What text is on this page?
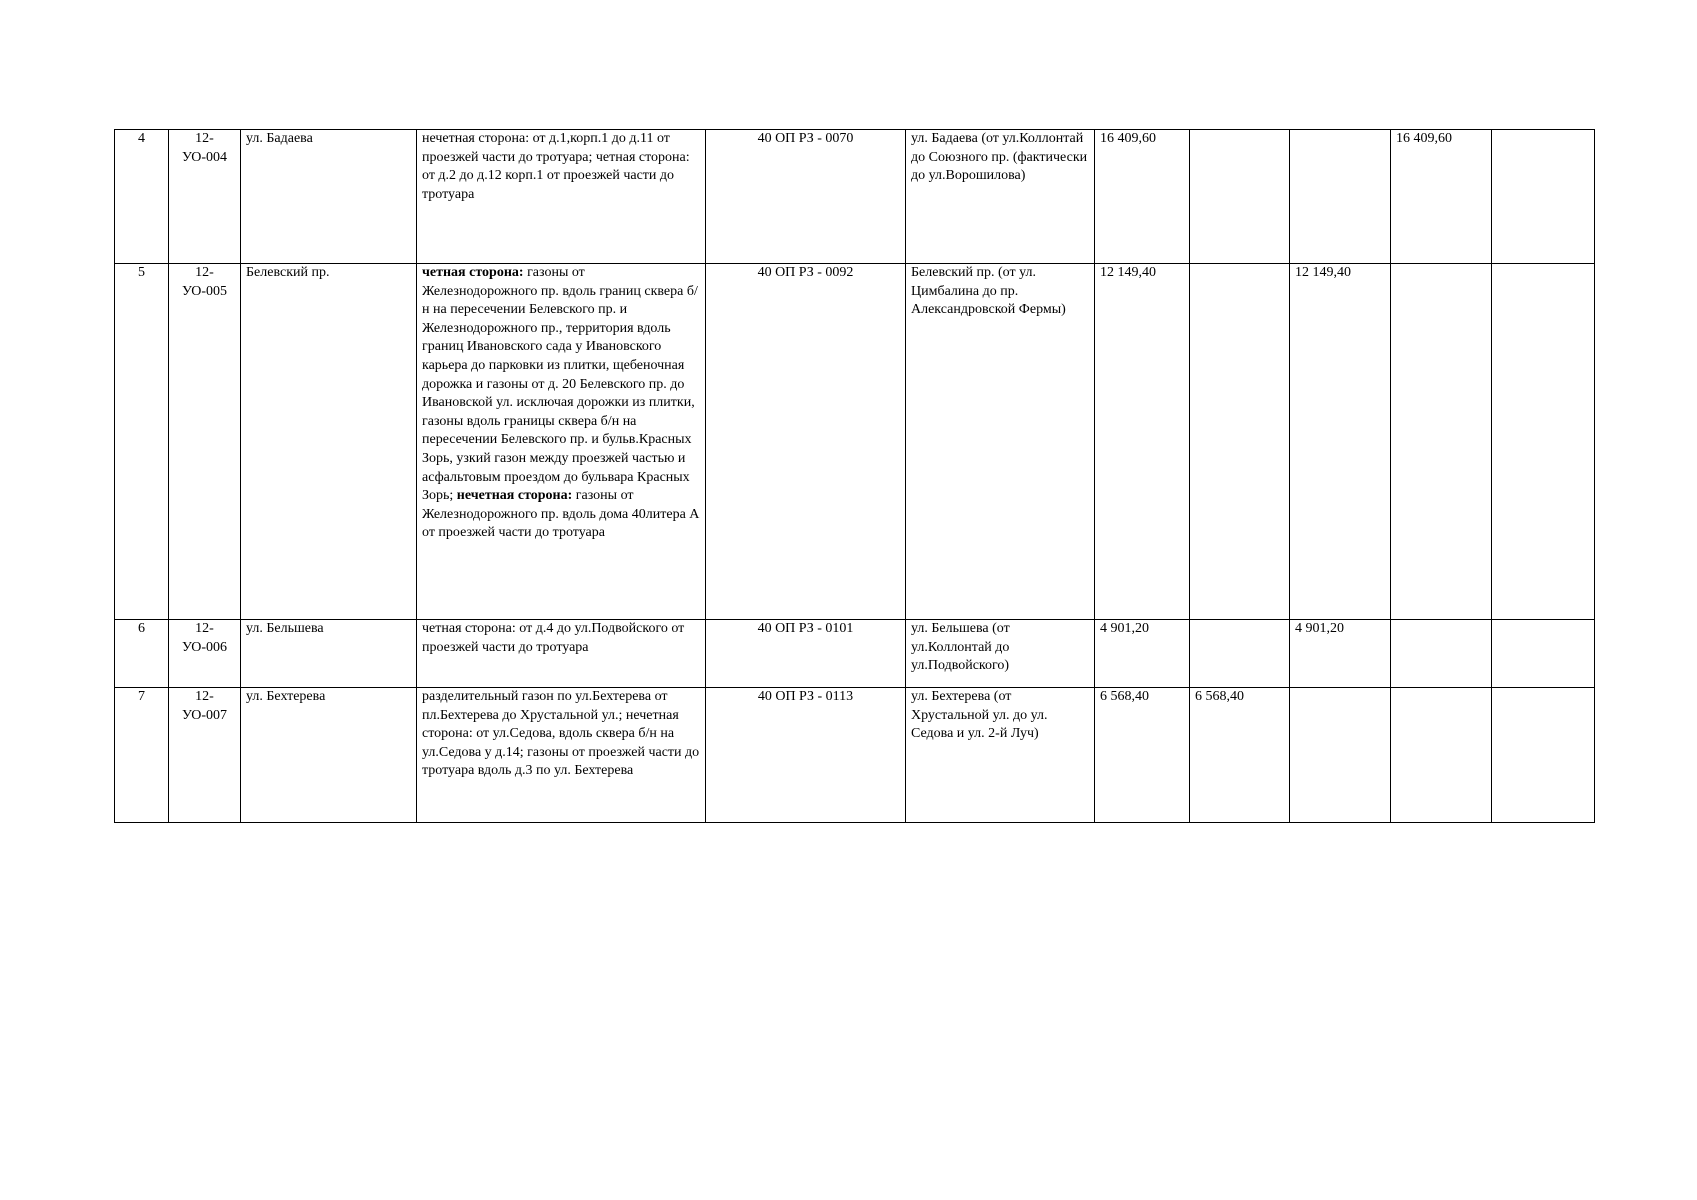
4	12-УО-004	ул. Бадаева	нечетная сторона: от д.1,корп.1 до д.11 от проезжей части до тротуара; четная сторона: от д.2 до д.12 корп.1 от проезжей части до тротуара	40 ОП РЗ - 0070	ул. Бадаева (от ул.Коллонтай до Союзного пр. (фактически до ул.Ворошилова)	16 409,60			16 409,60	
5	12-УО-005	Белевский пр.	четная сторона: газоны от Железнодорожного пр. вдоль границ сквера б/н на пересечении Белевского пр. и Железнодорожного пр., территория вдоль границ Ивановского сада у Ивановского карьера до парковки из плитки, щебеночная дорожка и газоны от д. 20 Белевского пр. до Ивановской ул. исключая дорожки из плитки, газоны вдоль границы сквера б/н на пересечении Белевского пр. и бульв.Красных Зорь, узкий газон между проезжей частью и асфальтовым проездом до бульвара Красных Зорь; нечетная сторона: газоны от Железнодорожного пр. вдоль дома 40литера А от проезжей части до тротуара	40 ОП РЗ - 0092	Белевский пр. (от ул. Цимбалина до пр. Александровской Фермы)	12 149,40		12 149,40		
6	12-УО-006	ул. Бельшева	четная сторона: от д.4 до ул.Подвойского от проезжей части до тротуара	40 ОП РЗ - 0101	ул. Бельшева (от ул.Коллонтай до ул.Подвойского)	4 901,20		4 901,20		
7	12-УО-007	ул. Бехтерева	разделительный газон по ул.Бехтерева от пл.Бехтерева до Хрустальной ул.; нечетная сторона: от ул.Седова, вдоль сквера б/н на ул.Седова у д.14; газоны от проезжей части до тротуара вдоль д.3 по ул. Бехтерева	40 ОП РЗ - 0113	ул. Бехтерева (от Хрустальной ул. до ул. Седова и ул. 2-й Луч)	6 568,40	6 568,40			
